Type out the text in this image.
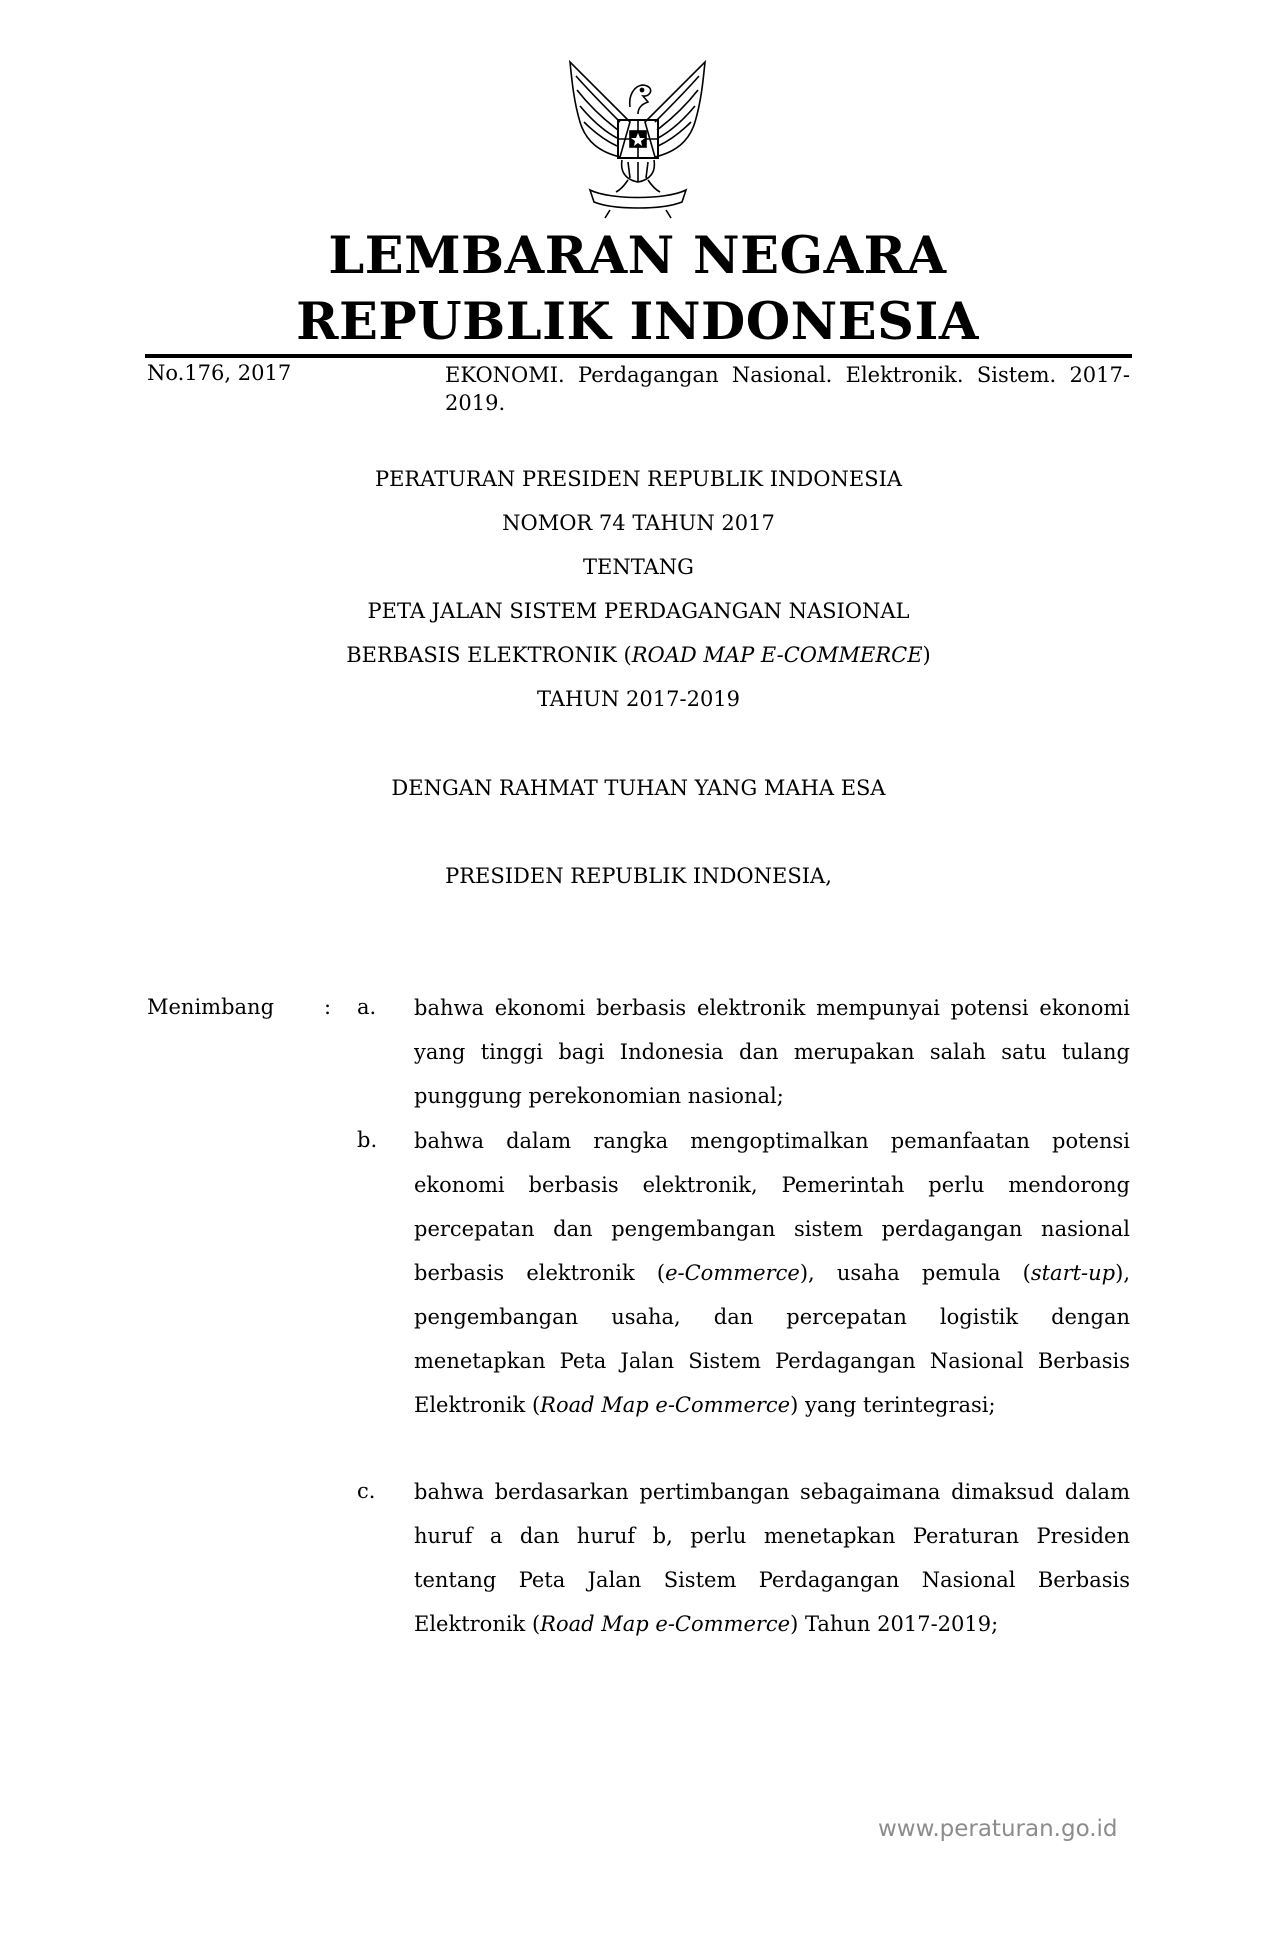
LEMBARAN NEGARA
REPUBLIK INDONESIA
No.176, 2017	EKONOMI. Perdagangan Nasional. Elektronik. Sistem. 2017-2019.
PERATURAN PRESIDEN REPUBLIK INDONESIA
NOMOR 74 TAHUN 2017
TENTANG
PETA JALAN SISTEM PERDAGANGAN NASIONAL
BERBASIS ELEKTRONIK (ROAD MAP E-COMMERCE)
TAHUN 2017-2019
DENGAN RAHMAT TUHAN YANG MAHA ESA
PRESIDEN REPUBLIK INDONESIA,
Menimbang : a. bahwa ekonomi berbasis elektronik mempunyai potensi ekonomi yang tinggi bagi Indonesia dan merupakan salah satu tulang punggung perekonomian nasional;
b. bahwa dalam rangka mengoptimalkan pemanfaatan potensi ekonomi berbasis elektronik, Pemerintah perlu mendorong percepatan dan pengembangan sistem perdagangan nasional berbasis elektronik (e-Commerce), usaha pemula (start-up), pengembangan usaha, dan percepatan logistik dengan menetapkan Peta Jalan Sistem Perdagangan Nasional Berbasis Elektronik (Road Map e-Commerce) yang terintegrasi;
c. bahwa berdasarkan pertimbangan sebagaimana dimaksud dalam huruf a dan huruf b, perlu menetapkan Peraturan Presiden tentang Peta Jalan Sistem Perdagangan Nasional Berbasis Elektronik (Road Map e-Commerce) Tahun 2017-2019;
www.peraturan.go.id
